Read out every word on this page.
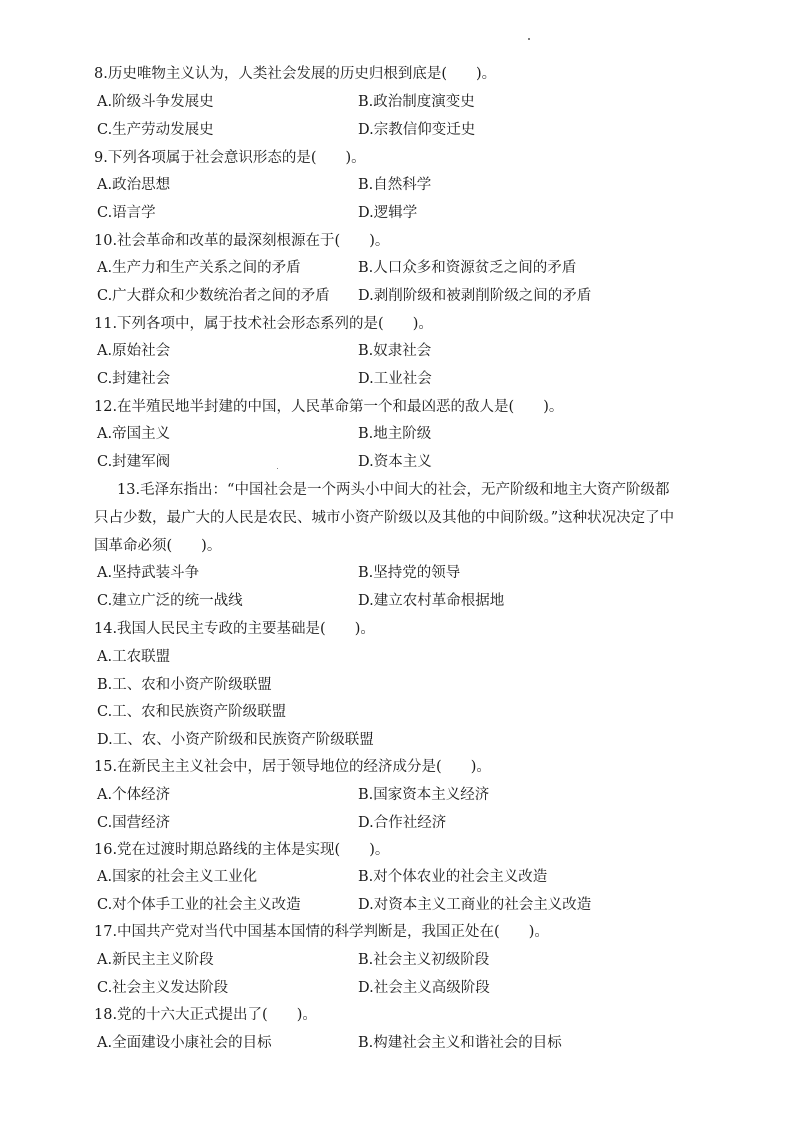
8.历史唯物主义认为，人类社会发展的历史归根到底是(　　)。
A.阶级斗争发展史	B.政治制度演变史
C.生产劳动发展史	D.宗教信仰变迁史
9.下列各项属于社会意识形态的是(　　)。
A.政治思想	B.自然科学
C.语言学	D.逻辑学
10.社会革命和改革的最深刻根源在于(　　)。
A.生产力和生产关系之间的矛盾	B.人口众多和资源贫乏之间的矛盾
C.广大群众和少数统治者之间的矛盾 D.剥削阶级和被剥削阶级之间的矛盾
11.下列各项中，属于技术社会形态系列的是(　　)。
A.原始社会	B.奴隶社会
C.封建社会	D.工业社会
12.在半殖民地半封建的中国，人民革命第一个和最凶恶的敌人是(　　)。
A.帝国主义	B.地主阶级
C.封建军阀	D.资本主义
13.毛泽东指出：“中国社会是一个两头小中间大的社会，无产阶级和地主大资产阶级都
只占少数，最广大的人民是农民、城市小资产阶级以及其他的中间阶级。”这种状况决定了中
国革命必须(　　)。
A.坚持武装斗争	B.坚持党的领导
C.建立广泛的统一战线	D.建立农村革命根据地
14.我国人民民主专政的主要基础是(　　)。
A.工农联盟
B.工、农和小资产阶级联盟
C.工、农和民族资产阶级联盟
D.工、农、小资产阶级和民族资产阶级联盟
15.在新民主主义社会中，居于领导地位的经济成分是(　　)。
A.个体经济	B.国家资本主义经济
C.国营经济	D.合作社经济
16.党在过渡时期总路线的主体是实现(　　)。
A.国家的社会主义工业化	B.对个体农业的社会主义改造
C.对个体手工业的社会主义改造	D.对资本主义工商业的社会主义改造
17.中国共产党对当代中国基本国情的科学判断是，我国正处在(　　)。
A.新民主主义阶段	B.社会主义初级阶段
C.社会主义发达阶段	D.社会主义高级阶段
18.党的十六大正式提出了(　　)。
A.全面建设小康社会的目标	B.构建社会主义和谐社会的目标
